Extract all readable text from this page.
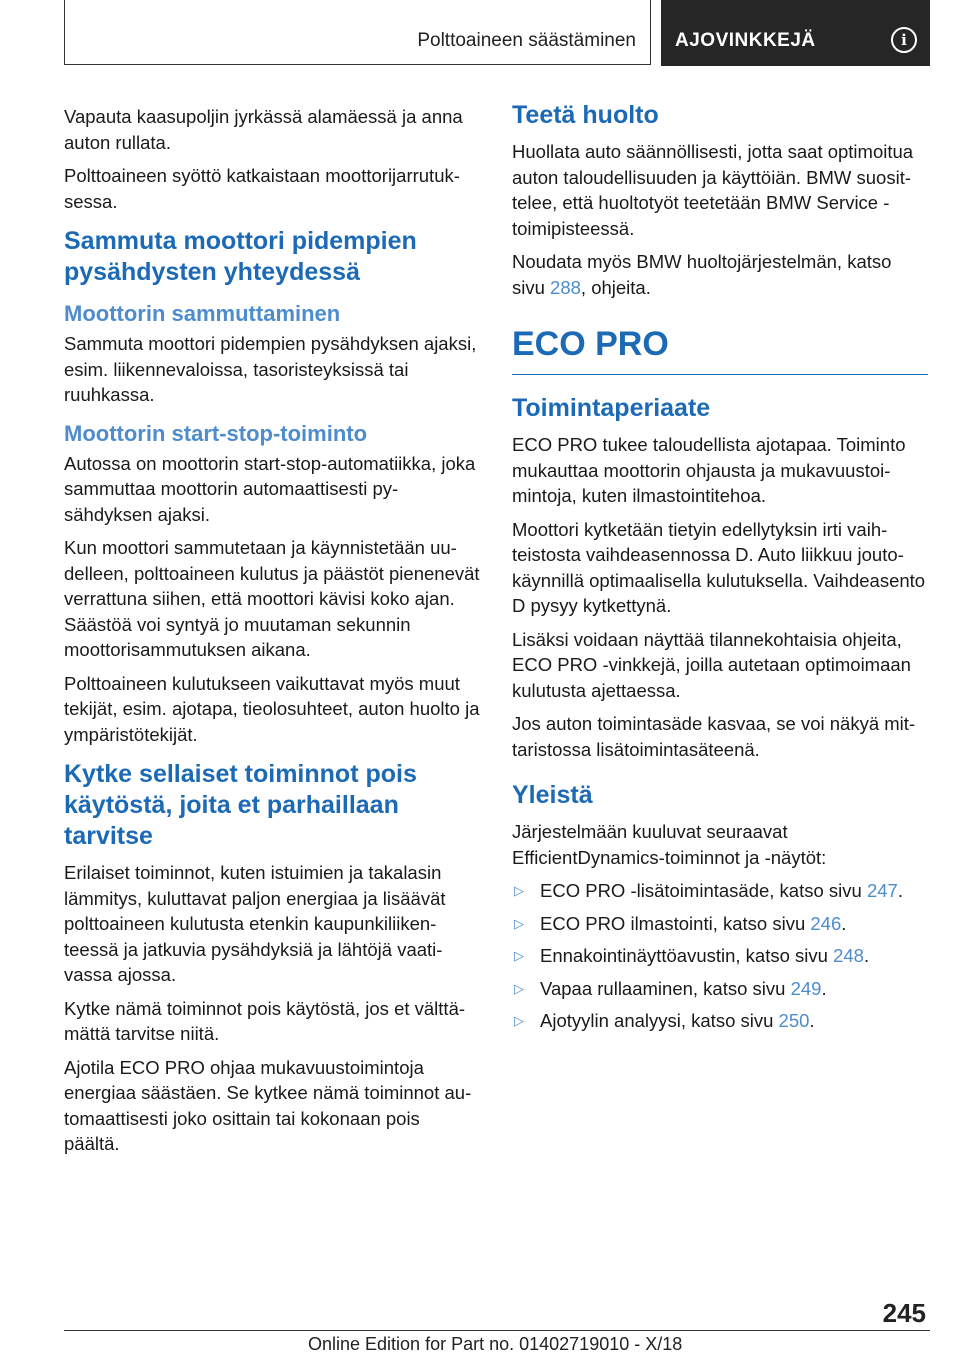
Polttoaineen säästäminen AJOVINKKEJÄ	i

Vapauta kaasupoljin jyrkässä alamäessä ja anna auton rullata.

Polttoaineen syöttö katkaistaan moottorijarrutuksessa.

Sammuta moottori pidempien pysähdysten yhteydessä
Moottorin sammuttaminen

Sammuta moottori pidempien pysähdyksen ajaksi, esim. liikennevaloissa, tasoristeyksissä tai ruuhkassa.

Moottorin start-stop-toiminto

Autossa on moottorin start-stop-automatiikka, joka sammuttaa moottorin automaattisesti pysähdyksen ajaksi.

Kun moottori sammutetaan ja käynnistetään uudelleen, polttoaineen kulutus ja päästöt pienenevät verrattuna siihen, että moottori kävisi koko ajan. Säästöä voi syntyä jo muutaman sekunnin moottorisammutuksen aikana.

Polttoaineen kulutukseen vaikuttavat myös muut tekijät, esim. ajotapa, tieolosuhteet, auton huolto ja ympäristötekijät.

Kytke sellaiset toiminnot pois käytöstä, joita et parhaillaan tarvitse

Erilaiset toiminnot, kuten istuimien ja takalasin lämmitys, kuluttavat paljon energiaa ja lisäävät polttoaineen kulutusta etenkin kaupunkiliikenteessä ja jatkuvia pysähdyksiä ja lähtöjä vaativassa ajossa.

Kytke nämä toiminnot pois käytöstä, jos et välttämättä tarvitse niitä.

Ajotila ECO PRO ohjaa mukavuustoimintoja energiaa säästäen. Se kytkee nämä toiminnot automaattisesti joko osittain tai kokonaan pois päältä.

Teetä huolto

Huollata auto säännöllisesti, jotta saat optimoitua auton taloudellisuuden ja käyttöiän. BMW suosittelee, että huoltotyöt teetetään BMW Service -toimipisteessä.

Noudata myös BMW huoltojärjestelmän, katso sivu 288, ohjeita.

ECO PRO
Toimintaperiaate

ECO PRO tukee taloudellista ajotapaa. Toiminto mukauttaa moottorin ohjausta ja mukavuustoimintoja, kuten ilmastointitehoa.

Moottori kytketään tietyin edellytyksin irti vaihteistosta vaihdeasennossa D. Auto liikkuu joutokäynnillä optimaalisella kulutuksella. Vaihdeasento D pysyy kytkettynä.

Lisäksi voidaan näyttää tilannekohtaisia ohjeita, ECO PRO -vinkkejä, joilla autetaan optimoimaan kulutusta ajettaessa.

Jos auton toimintasäde kasvaa, se voi näkyä mittaristossa lisätoimintasäteenä.

Yleistä

Järjestelmään kuuluvat seuraavat EfficientDynamics-toiminnot ja -näytöt:

▷ ECO PRO -lisätoimintasäde, katso sivu 247.
▷ ECO PRO ilmastointi, katso sivu 246.
▷ Ennakointinäyttöavustin, katso sivu 248.
▷ Vapaa rullaaminen, katso sivu 249.
▷ Ajotyylin analyysi, katso sivu 250.
245
Online Edition for Part no. 01402719010 - X/18
